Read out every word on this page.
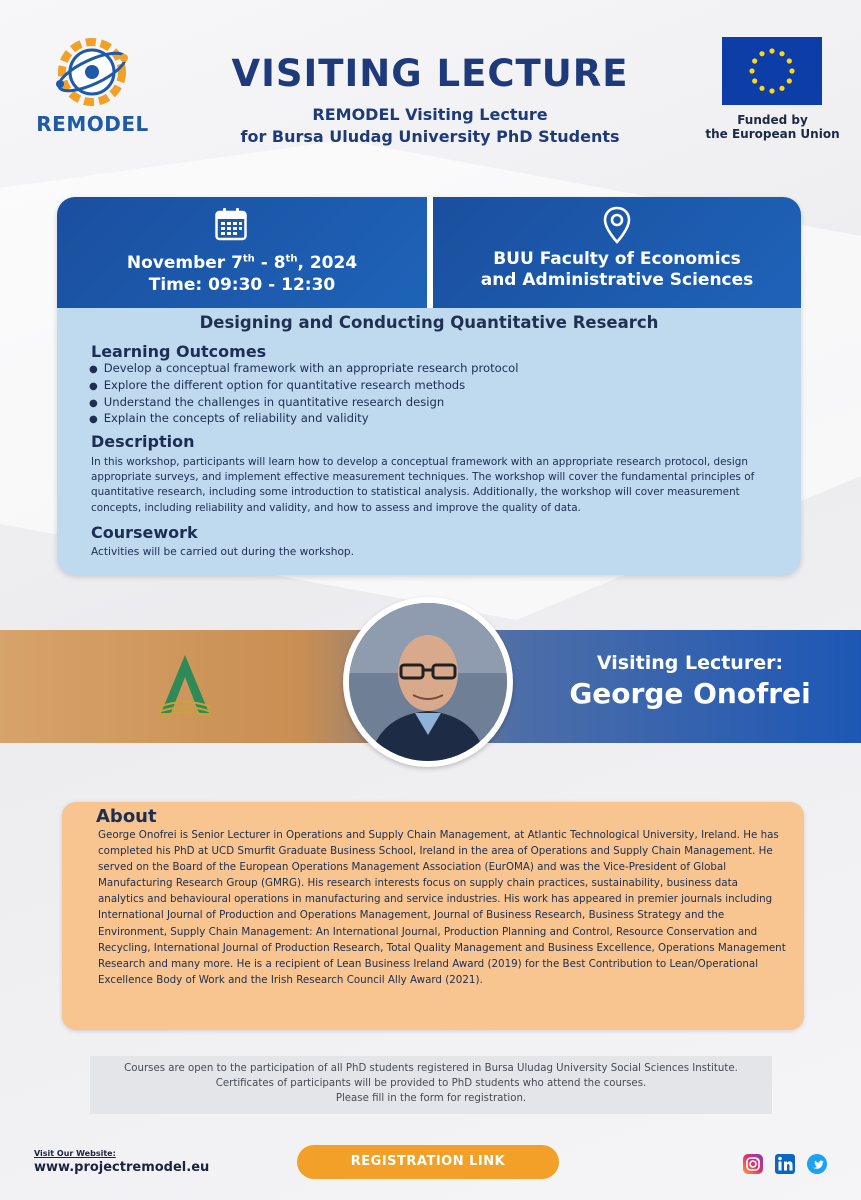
REMODEL
VISITING LECTURE
REMODEL Visiting Lecture
for Bursa Uludag University PhD Students
Funded by
the European Union
November 7th - 8th, 2024
Time: 09:30 - 12:30
BUU Faculty of Economics
and Administrative Sciences
Designing and Conducting Quantitative Research
Learning Outcomes
● Develop a conceptual framework with an appropriate research protocol
● Explore the different option for quantitative research methods
● Understand the challenges in quantitative research design
● Explain the concepts of reliability and validity
Description
In this workshop, participants will learn how to develop a conceptual framework with an appropriate research protocol, design appropriate surveys, and implement effective measurement techniques. The workshop will cover the fundamental principles of quantitative research, including some introduction to statistical analysis. Additionally, the workshop will cover measurement concepts, including reliability and validity, and how to assess and improve the quality of data.
Coursework
Activities will be carried out during the workshop.
Visiting Lecturer:
George Onofrei
About
George Onofrei is Senior Lecturer in Operations and Supply Chain Management, at Atlantic Technological University, Ireland. He has completed his PhD at UCD Smurfit Graduate Business School, Ireland in the area of Operations and Supply Chain Management. He served on the Board of the European Operations Management Association (EurOMA) and was the Vice-President of Global Manufacturing Research Group (GMRG). His research interests focus on supply chain practices, sustainability, business data analytics and behavioural operations in manufacturing and service industries. His work has appeared in premier journals including International Journal of Production and Operations Management, Journal of Business Research, Business Strategy and the Environment, Supply Chain Management: An International Journal, Production Planning and Control, Resource Conservation and Recycling, International Journal of Production Research, Total Quality Management and Business Excellence, Operations Management Research and many more. He is a recipient of Lean Business Ireland Award (2019) for the Best Contribution to Lean/Operational Excellence Body of Work and the Irish Research Council Ally Award (2021).

Courses are open to the participation of all PhD students registered in Bursa Uludag University Social Sciences Institute.

Certificates of participants will be provided to PhD students who attend the courses.

Please fill in the form for registration.

Visit Our Website:
www.projectremodel.eu	REGISTRATION LINK
